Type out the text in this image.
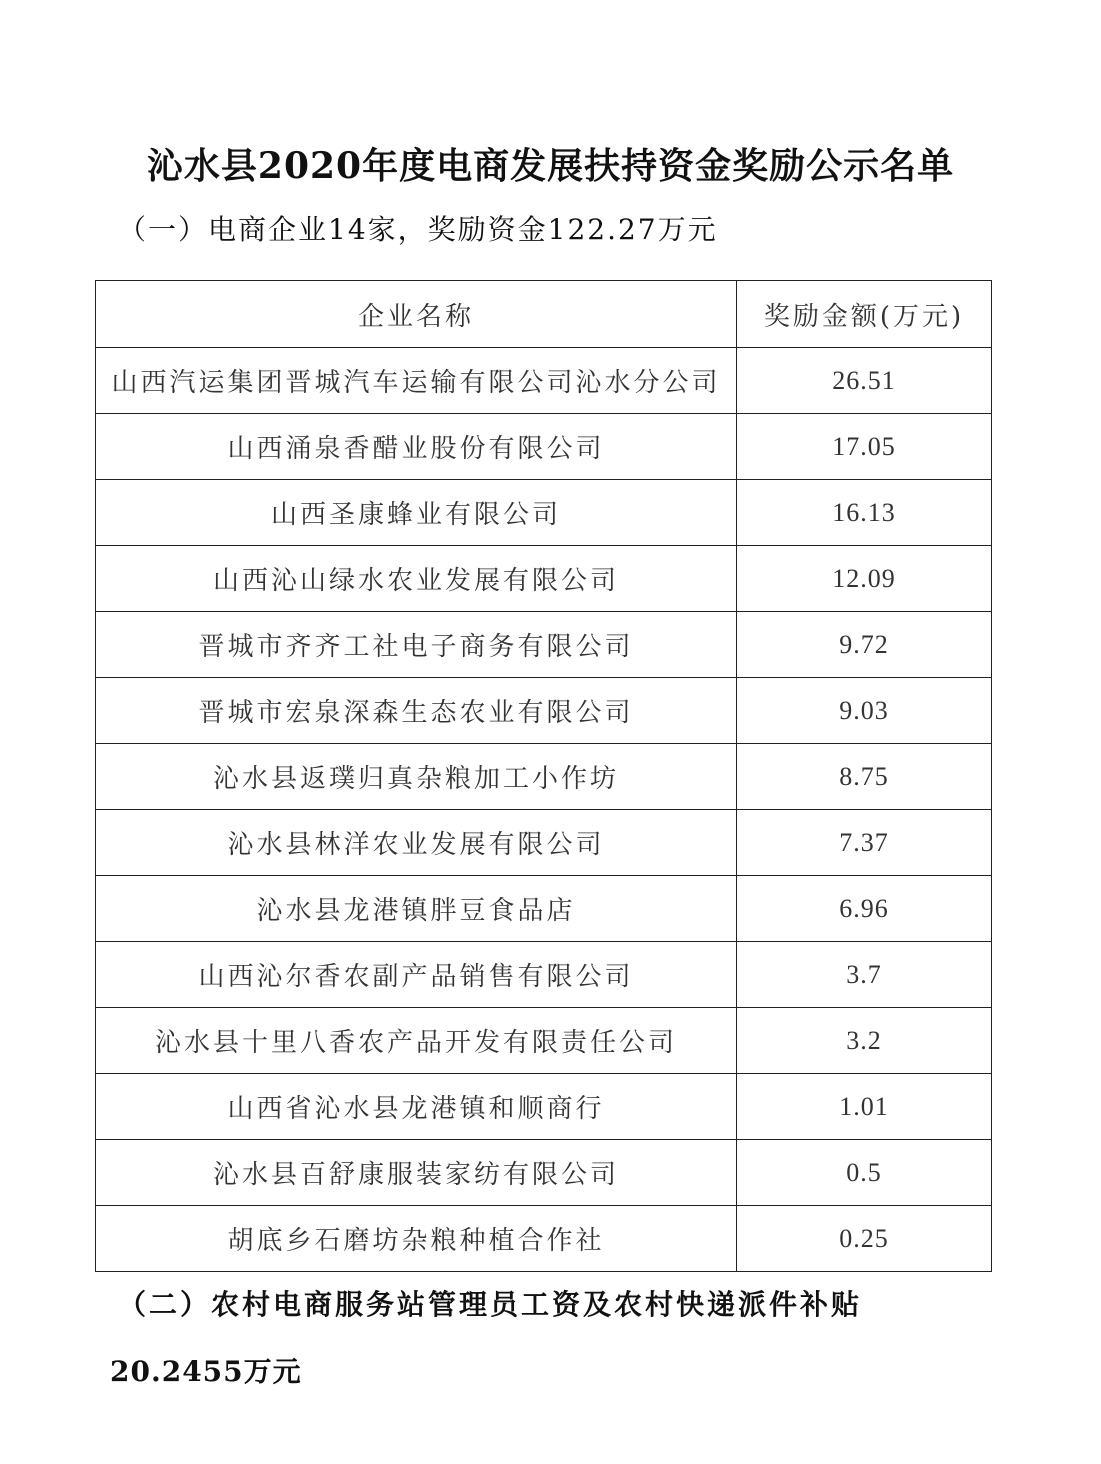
沁水县2020年度电商发展扶持资金奖励公示名单
（一）电商企业14家，奖励资金122.27万元
企业名称	奖励金额(万元)
山西汽运集团晋城汽车运输有限公司沁水分公司	26.51
山西涌泉香醋业股份有限公司	17.05
山西圣康蜂业有限公司	16.13
山西沁山绿水农业发展有限公司	12.09
晋城市齐齐工社电子商务有限公司	9.72
晋城市宏泉深森生态农业有限公司	9.03
沁水县返璞归真杂粮加工小作坊	8.75
沁水县林洋农业发展有限公司	7.37
沁水县龙港镇胖豆食品店	6.96
山西沁尔香农副产品销售有限公司	3.7
沁水县十里八香农产品开发有限责任公司	3.2
山西省沁水县龙港镇和顺商行	1.01
沁水县百舒康服装家纺有限公司	0.5
胡底乡石磨坊杂粮种植合作社	0.25
（二）农村电商服务站管理员工资及农村快递派件补贴
20.2455万元
